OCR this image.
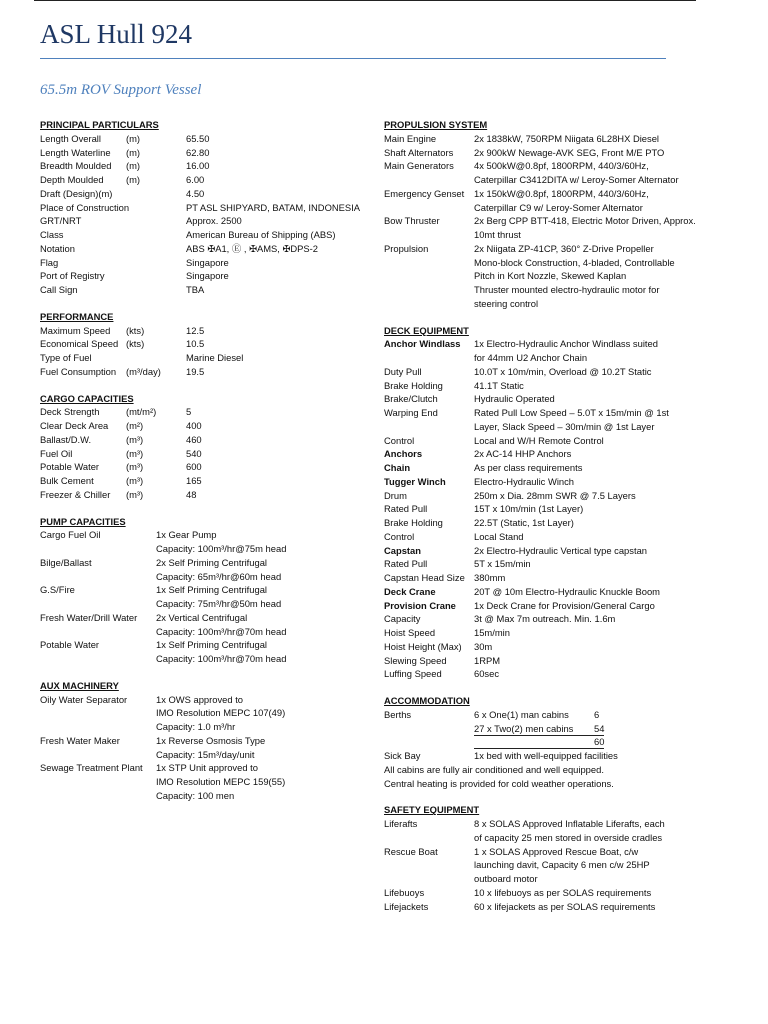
ASL Hull 924
65.5m ROV Support Vessel
PRINCIPAL PARTICULARS
Length Overall	(m)	65.50
Length Waterline (m)	62.80
Breadth Moulded (m)	16.00
Depth Moulded (m)	6.00
Draft (Design)(m)	4.50
Place of Construction	PT ASL SHIPYARD, BATAM, INDONESIA
GRT/NRT	Approx. 2500
Class	American Bureau of Shipping (ABS)
Notation	ABS ✠A1, Ⓔ , ✠AMS, ✠DPS-2
Flag	Singapore
Port of Registry	Singapore
Call Sign	TBA
PERFORMANCE
Maximum Speed (kts)	12.5
Economical Speed (kts)	10.5
Type of Fuel	Marine Diesel
Fuel Consumption (m³/day)	19.5
CARGO CAPACITIES
Deck Strength	(mt/m²)	5
Clear Deck Area (m²)	400
Ballast/D.W.	(m³)	460
Fuel Oil	(m³)	540
Potable Water	(m³)	600
Bulk Cement	(m³)	165
Freezer & Chiller (m³)	48
PUMP CAPACITIES
Cargo Fuel Oil	1x Gear Pump
Capacity: 100m³/hr@75m head
Bilge/Ballast	2x Self Priming Centrifugal
Capacity: 65m³/hr@60m head
G.S/Fire	1x Self Priming Centrifugal
Capacity: 75m³/hr@50m head
Fresh Water/Drill Water 2x Vertical Centrifugal
Capacity: 100m³/hr@70m head
Potable Water	1x Self Priming Centrifugal
Capacity: 100m³/hr@70m head
AUX MACHINERY
Oily Water Separator	1x OWS approved to
IMO Resolution MEPC 107(49)
Capacity: 1.0 m³/hr
Fresh Water Maker	1x Reverse Osmosis Type
Capacity: 15m³/day/unit
Sewage Treatment Plant 1x STP Unit approved to
IMO Resolution MEPC 159(55)
Capacity: 100 men
PROPULSION SYSTEM
Main Engine	2x 1838kW, 750RPM Niigata 6L28HX Diesel
Shaft Alternators 2x 900kW Newage-AVK SEG, Front M/E PTO
Main Generators 4x 500kW@0.8pf, 1800RPM, 440/3/60Hz,
Caterpillar C3412DITA w/ Leroy-Somer Alternator
Emergency Genset 1x 150kW@0.8pf, 1800RPM, 440/3/60Hz,
Caterpillar C9 w/ Leroy-Somer Alternator
Bow Thruster	2x Berg CPP BTT-418, Electric Motor Driven, Approx.
10mt thrust
Propulsion	2x Niigata ZP-41CP, 360° Z-Drive Propeller
Mono-block Construction, 4-bladed, Controllable
Pitch in Kort Nozzle, Skewed Kaplan
Thruster mounted electro-hydraulic motor for
steering control
DECK EQUIPMENT
Anchor Windlass 1x Electro-Hydraulic Anchor Windlass suited
for 44mm U2 Anchor Chain
Duty Pull	10.0T x 10m/min, Overload @ 10.2T Static
Brake Holding	41.1T Static
Brake/Clutch	Hydraulic Operated
Warping End	Rated Pull Low Speed – 5.0T x 15m/min @ 1st
Layer, Slack Speed – 30m/min @ 1st Layer
Control	Local and W/H Remote Control
Anchors	2x AC-14 HHP Anchors
Chain	As per class requirements
Tugger Winch	Electro-Hydraulic Winch
Drum	250m x Dia. 28mm SWR @ 7.5 Layers
Rated Pull	15T x 10m/min (1st Layer)
Brake Holding	22.5T (Static, 1st Layer)
Control	Local Stand
Capstan	2x Electro-Hydraulic Vertical type capstan
Rated Pull	5T x 15m/min
Capstan Head Size 380mm
Deck Crane	20T @ 10m Electro-Hydraulic Knuckle Boom
Provision Crane 1x Deck Crane for Provision/General Cargo
Capacity	3t @ Max 7m outreach. Min. 1.6m
Hoist Speed	15m/min
Hoist Height (Max) 30m
Slewing Speed	1RPM
Luffing Speed	60sec
ACCOMMODATION
Berths	6 x One(1) man cabins	6
27 x Two(2) men cabins 54
60
Sick Bay	1x bed with well-equipped facilities
All cabins are fully air conditioned and well equipped.
Central heating is provided for cold weather operations.
SAFETY EQUIPMENT
Liferafts	8 x SOLAS Approved Inflatable Liferafts, each
of capacity 25 men stored in overside cradles
Rescue Boat	1 x SOLAS Approved Rescue Boat, c/w
launching davit, Capacity 6 men c/w 25HP
outboard motor
Lifebuoys	10 x lifebuoys as per SOLAS requirements
Lifejackets	60 x lifejackets as per SOLAS requirements
